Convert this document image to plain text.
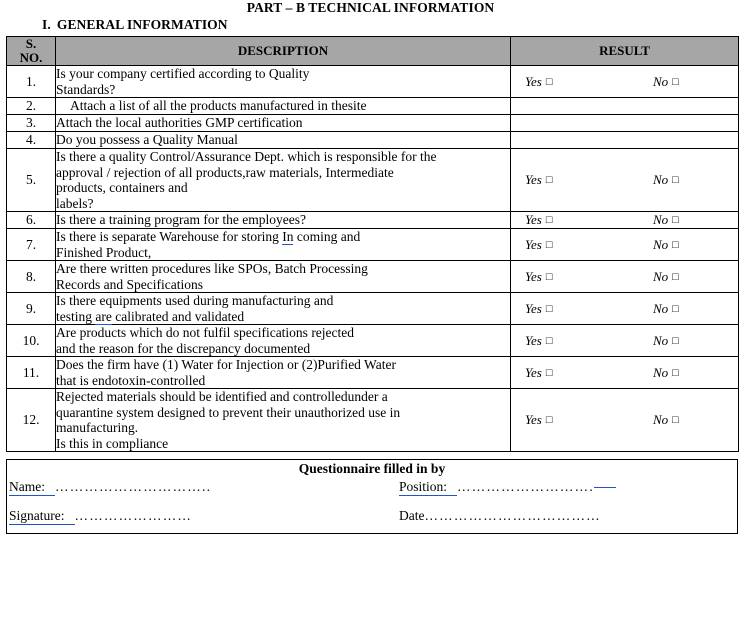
PART – B TECHNICAL INFORMATION
I. GENERAL INFORMATION
S.
NO.	DESCRIPTION	RESULT
1.	Is your company certified according to Quality
Standards?

Yes □	No □

2.	Attach a list of all the products manufactured in thesite	

3.	Attach the local authorities GMP certification	

4.	Do you possess a Quality Manual	

5.	
Is there a quality Control/Assurance Dept. which is responsible for the
approval / rejection of all products,raw materials, Intermediate
products, containers and
labels?

Yes □	No □

6.	Is there a training program for the employees?	Yes □ No □

7.	Is there is separate Warehouse for storing In coming and
Finished Product,

Yes □	No □

8.	Are there written procedures like SPOs, Batch Processing
Records and Specifications

Yes □	No □

9.	Is there equipments used during manufacturing and
testing are calibrated and validated

Yes □	No □

10.	Are products which do not fulfil specifications rejected
and the reason for the discrepancy documented

Yes □	No □

11.	Does the firm have (1) Water for Injection or (2)Purified Water
that is endotoxin-controlled

Yes □	No □

12.	
Rejected materials should be identified and controlledunder a
quarantine system designed to prevent their unauthorized use in
manufacturing.
Is this in compliance

Yes □	No □
Questionnaire filled in by
Name: …………………………..	Position: ……………………….
Signature: ……………………	Date………………………………
